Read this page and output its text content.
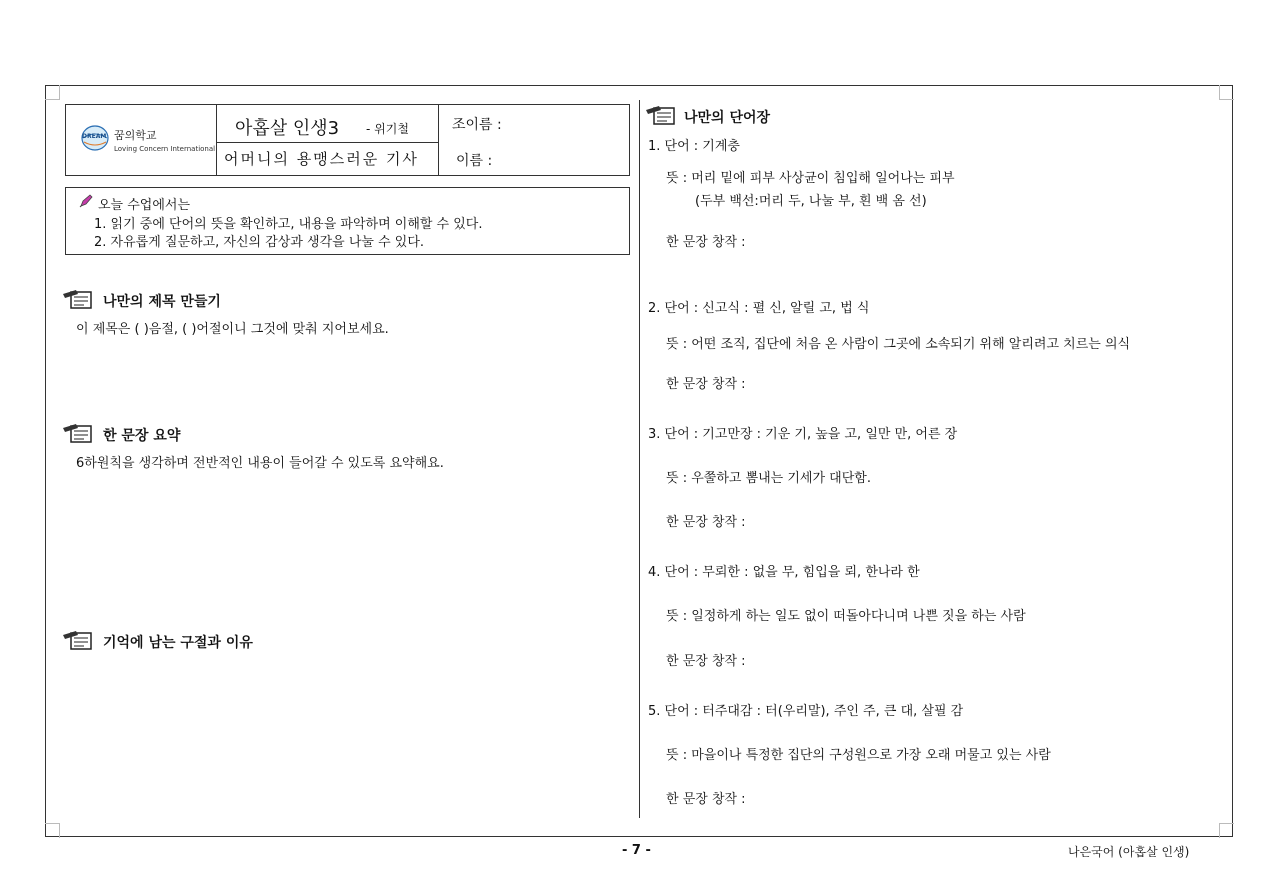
DREAM 꿈의학교
Loving Concern International
아홉살 인생3 - 위기철
어머니의 용맹스러운 기사
조이름 :
이름 :
오늘 수업에서는
1. 읽기 중에 단어의 뜻을 확인하고, 내용을 파악하며 이해할 수 있다.
2. 자유롭게 질문하고, 자신의 감상과 생각을 나눌 수 있다.
나만의 제목 만들기
이 제목은 ( )음절, ( )어절이니 그것에 맞춰 지어보세요.
한 문장 요약
6하원칙을 생각하며 전반적인 내용이 들어갈 수 있도록 요약해요.
기억에 남는 구절과 이유
나만의 단어장
1. 단어 : 기계충
뜻 : 머리 밑에 피부 사상균이 침입해 일어나는 피부
(두부 백선:머리 두, 나눌 부, 흰 백 옴 선)
한 문장 창작 :
2. 단어 : 신고식 : 펼 신, 알릴 고, 법 식
뜻 : 어떤 조직, 집단에 처음 온 사람이 그곳에 소속되기 위해 알리려고 치르는 의식
한 문장 창작 :
3. 단어 : 기고만장 : 기운 기, 높을 고, 일만 만, 어른 장
뜻 : 우쭐하고 뽐내는 기세가 대단함.
한 문장 창작 :
4. 단어 : 무뢰한 : 없을 무, 힘입을 뢰, 한나라 한
뜻 : 일정하게 하는 일도 없이 떠돌아다니며 나쁜 짓을 하는 사람
한 문장 창작 :
5. 단어 : 터주대감 : 터(우리말), 주인 주, 큰 대, 살필 감
뜻 : 마을이나 특정한 집단의 구성원으로 가장 오래 머물고 있는 사람
한 문장 창작 :
- 7 -	나은국어 (아홉살 인생)
